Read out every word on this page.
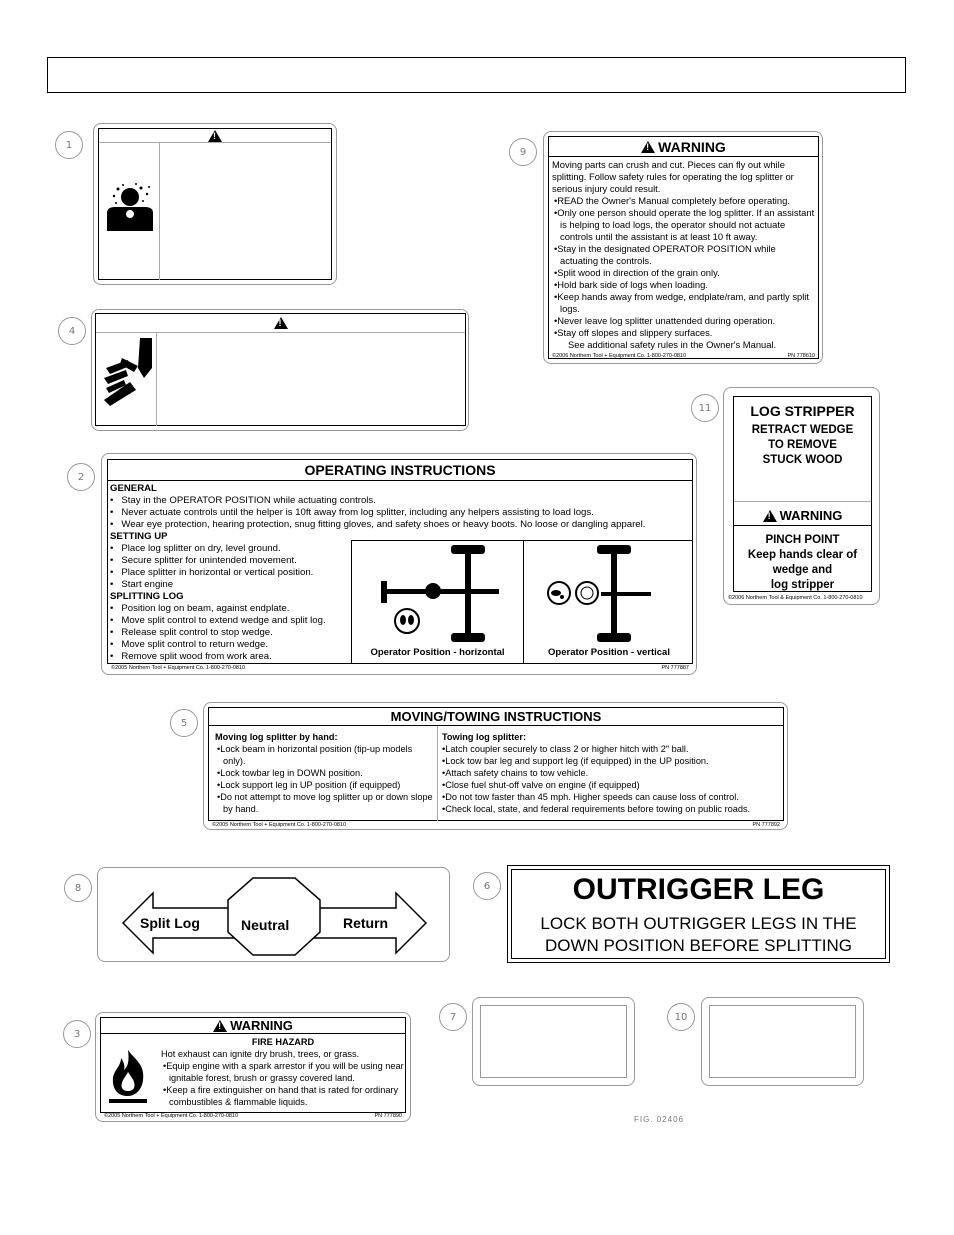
1
!
4
!
9
!	WARNING
Moving parts can crush and cut. Pieces can fly out while splitting. Follow safety rules for operating the log splitter or serious injury could result.
•READ the Owner's Manual completely before operating.
•Only one person should operate the log splitter. If an assistant is helping to load logs, the operator should not actuate controls until the assistant is at least 10 ft away.
•Stay in the designated OPERATOR POSITION while actuating the controls.
•Split wood in direction of the grain only.
•Hold bark side of logs when loading.
•Keep hands away from wedge, endplate/ram, and partly split logs.
•Never leave log splitter unattended during operation.
•Stay off slopes and slippery surfaces.
See additional safety rules in the Owner's Manual.
©2006 Northern Tool + Equipment Co. 1-800-270-0810	PN 778610
11	LOG STRIPPER
RETRACT WEDGE
TO REMOVE
STUCK WOOD
!
WARNING
PINCH POINT
Keep hands clear of
wedge and
log stripper
©2006 Northern Tool & Equipment Co. 1-800-270-0810
2	OPERATING INSTRUCTIONS
GENERAL
• Stay in the OPERATOR POSITION while actuating controls.
• Never actuate controls until the helper is 10ft away from log splitter, including any helpers assisting to load logs.
• Wear eye protection, hearing protection, snug fitting gloves, and safety shoes or heavy boots. No loose or dangling apparel.
SETTING UP
• Place log splitter on dry, level ground.
• Secure splitter for unintended movement.
• Place splitter in horizontal or vertical position.
• Start engine
SPLITTING LOG
• Position log on beam, against endplate.
• Move split control to extend wedge and split log.
• Release split control to stop wedge.
• Move split control to return wedge.
• Remove split wood from work area.	Operator Position - horizontal	Operator Position - vertical
©2005 Northern Tool + Equipment Co. 1-800-270-0810	PN 777887
5	MOVING/TOWING INSTRUCTIONS
Moving log splitter by hand:
•Lock beam in horizontal position (tip-up models only).
•Lock towbar leg in DOWN position.
•Lock support leg in UP position (if equipped)
•Do not attempt to move log splitter up or down slope by hand.
Towing log splitter:
•Latch coupler securely to class 2 or higher hitch with 2" ball.
•Lock tow bar leg and support leg (if equipped) in the UP position.
•Attach safety chains to tow vehicle.
•Close fuel shut-off valve on engine (if equipped)
•Do not tow faster than 45 mph. Higher speeds can cause loss of control.
•Check local, state, and federal requirements before towing on public roads.
©2005 Northern Tool + Equipment Co. 1-800-270-0810	PN 777892
8
Split Log	Neutral	Return
6	OUTRIGGER LEG
LOCK BOTH OUTRIGGER LEGS IN THE
DOWN POSITION BEFORE SPLITTING
3
!
WARNING
FIRE HAZARD
Hot exhaust can ignite dry brush, trees, or grass.
•Equip engine with a spark arrestor if you will be using near ignitable forest, brush or grassy covered land.
•Keep a fire extinguisher on hand that is rated for ordinary combustibles & flammable liquids.
©2005 Northern Tool + Equipment Co. 1-800-270-0810	PN 777890
7	10
FIG. 02406
